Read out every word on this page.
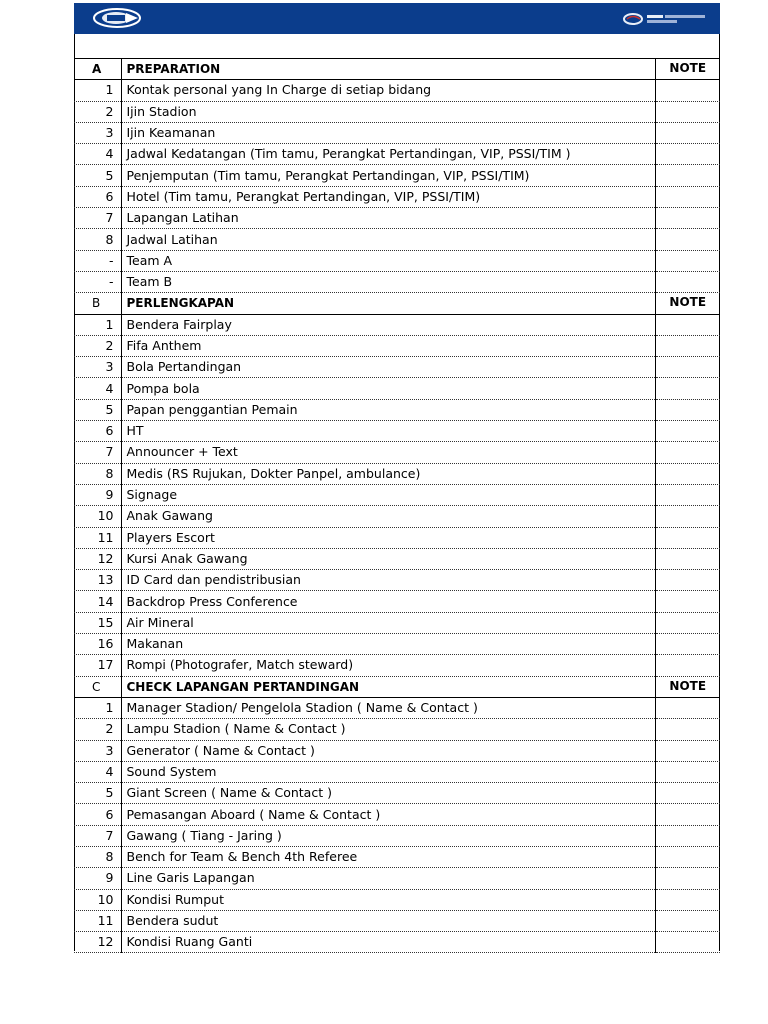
A	PREPARATION	NOTE
1	Kontak personal yang In Charge di setiap bidang	
2	Ijin Stadion	
3	Ijin Keamanan	
4	Jadwal Kedatangan (Tim tamu, Perangkat Pertandingan, VIP, PSSI/TIM )	
5	Penjemputan (Tim tamu, Perangkat Pertandingan, VIP, PSSI/TIM)	
6	Hotel (Tim tamu, Perangkat Pertandingan, VIP, PSSI/TIM)	
7	Lapangan Latihan	
8	Jadwal Latihan	
-	Team A	
-	Team B	
B	PERLENGKAPAN	NOTE
1	Bendera Fairplay	
2	Fifa Anthem	
3	Bola Pertandingan	
4	Pompa bola	
5	Papan penggantian Pemain	
6	HT	
7	Announcer + Text	
8	Medis (RS Rujukan, Dokter Panpel, ambulance)	
9	Signage	
10	Anak Gawang	
11	Players Escort	
12	Kursi Anak Gawang	
13	ID Card dan pendistribusian	
14	Backdrop Press Conference	
15	Air Mineral	
16	Makanan	
17	Rompi (Photografer, Match steward)	
C	CHECK LAPANGAN PERTANDINGAN	NOTE
1	Manager Stadion/ Pengelola Stadion ( Name & Contact )	
2	Lampu Stadion ( Name & Contact )	
3	Generator ( Name & Contact )	
4	Sound System	
5	Giant Screen ( Name & Contact )	
6	Pemasangan Aboard ( Name & Contact )	
7	Gawang ( Tiang - Jaring )	
8	Bench for Team & Bench 4th Referee	
9	Line Garis Lapangan	
10	Kondisi Rumput	
11	Bendera sudut	
12	Kondisi Ruang Ganti	
